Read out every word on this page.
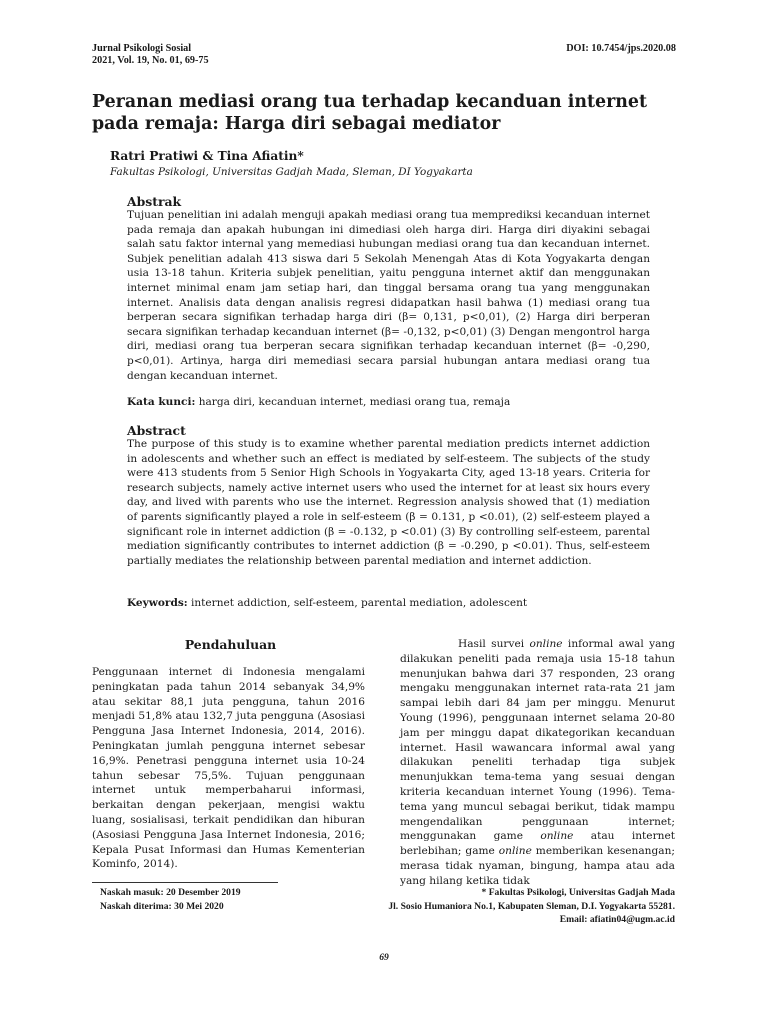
Jurnal Psikologi Sosial
2021, Vol. 19, No. 01, 69-75
DOI: 10.7454/jps.2020.08
Peranan mediasi orang tua terhadap kecanduan internet pada remaja: Harga diri sebagai mediator
Ratri Pratiwi & Tina Afiatin*
Fakultas Psikologi, Universitas Gadjah Mada, Sleman, DI Yogyakarta
Abstrak
Tujuan penelitian ini adalah menguji apakah mediasi orang tua memprediksi kecanduan internet pada remaja dan apakah hubungan ini dimediasi oleh harga diri. Harga diri diyakini sebagai salah satu faktor internal yang memediasi hubungan mediasi orang tua dan kecanduan internet. Subjek penelitian adalah 413 siswa dari 5 Sekolah Menengah Atas di Kota Yogyakarta dengan usia 13-18 tahun. Kriteria subjek penelitian, yaitu pengguna internet aktif dan menggunakan internet minimal enam jam setiap hari, dan tinggal bersama orang tua yang menggunakan internet. Analisis data dengan analisis regresi didapatkan hasil bahwa (1) mediasi orang tua berperan secara signifikan terhadap harga diri (β= 0,131, p<0,01), (2) Harga diri berperan secara signifikan terhadap kecanduan internet (β= -0,132, p<0,01) (3) Dengan mengontrol harga diri, mediasi orang tua berperan secara signifikan terhadap kecanduan internet (β= -0,290, p<0,01). Artinya, harga diri memediasi secara parsial hubungan antara mediasi orang tua dengan kecanduan internet.
Kata kunci: harga diri, kecanduan internet, mediasi orang tua, remaja
Abstract
The purpose of this study is to examine whether parental mediation predicts internet addiction in adolescents and whether such an effect is mediated by self-esteem. The subjects of the study were 413 students from 5 Senior High Schools in Yogyakarta City, aged 13-18 years. Criteria for research subjects, namely active internet users who used the internet for at least six hours every day, and lived with parents who use the internet. Regression analysis showed that (1) mediation of parents significantly played a role in self-esteem (β = 0.131, p <0.01), (2) self-esteem played a significant role in internet addiction (β = -0.132, p <0.01) (3) By controlling self-esteem, parental mediation significantly contributes to internet addiction (β = -0.290, p <0.01). Thus, self-esteem partially mediates the relationship between parental mediation and internet addiction.
Keywords: internet addiction, self-esteem, parental mediation, adolescent
Pendahuluan
Penggunaan internet di Indonesia mengalami peningkatan pada tahun 2014 sebanyak 34,9% atau sekitar 88,1 juta pengguna, tahun 2016 menjadi 51,8% atau 132,7 juta pengguna (Asosiasi Pengguna Jasa Internet Indonesia, 2014, 2016). Peningkatan jumlah pengguna internet sebesar 16,9%. Penetrasi pengguna internet usia 10-24 tahun sebesar 75,5%. Tujuan penggunaan internet untuk memperbaharui informasi, berkaitan dengan pekerjaan, mengisi waktu luang, sosialisasi, terkait pendidikan dan hiburan (Asosiasi Pengguna Jasa Internet Indonesia, 2016; Kepala Pusat Informasi dan Humas Kementerian Kominfo, 2014).
Hasil survei online informal awal yang dilakukan peneliti pada remaja usia 15-18 tahun menunjukan bahwa dari 37 responden, 23 orang mengaku menggunakan internet rata-rata 21 jam sampai lebih dari 84 jam per minggu. Menurut Young (1996), penggunaan internet selama 20-80 jam per minggu dapat dikategorikan kecanduan internet. Hasil wawancara informal awal yang dilakukan peneliti terhadap tiga subjek menunjukkan tema-tema yang sesuai dengan kriteria kecanduan internet Young (1996). Tema-tema yang muncul sebagai berikut, tidak mampu mengendalikan penggunaan internet; menggunakan game online atau internet berlebihan; game online memberikan kesenangan; merasa tidak nyaman, bingung, hampa atau ada yang hilang ketika tidak
Naskah masuk: 20 Desember 2019
Naskah diterima: 30 Mei 2020
* Fakultas Psikologi, Universitas Gadjah Mada
Jl. Sosio Humaniora No.1, Kabupaten Sleman, D.I. Yogyakarta 55281.
Email: afiatin04@ugm.ac.id
69
